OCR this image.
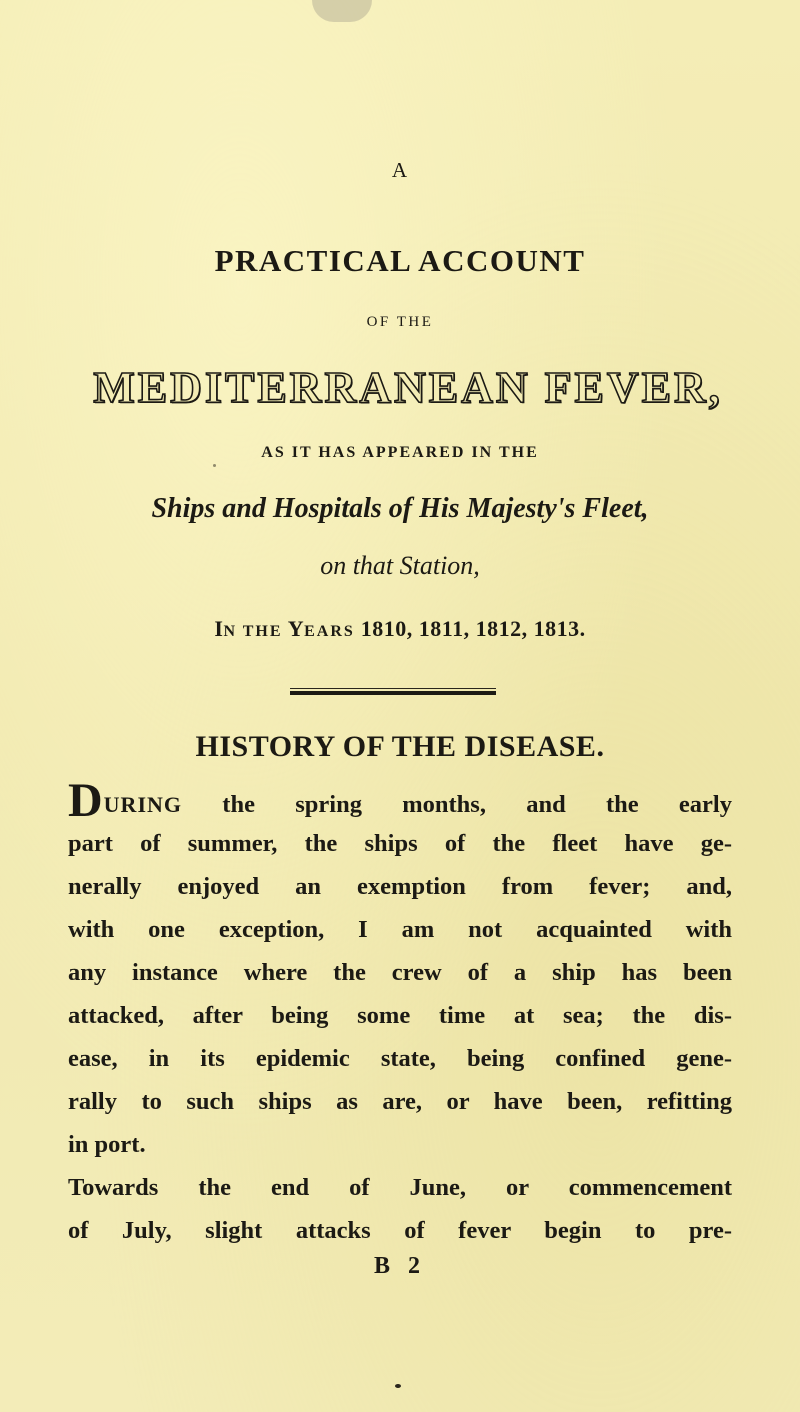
A
PRACTICAL ACCOUNT
OF THE
MEDITERRANEAN FEVER,
AS IT HAS APPEARED IN THE
Ships and Hospitals of His Majesty's Fleet,
on that Station,
IN THE YEARS 1810, 1811, 1812, 1813.
HISTORY OF THE DISEASE.
DURING the spring months, and the early
part of summer, the ships of the fleet have ge-
nerally enjoyed an exemption from fever; and,
with one exception, I am not acquainted with
any instance where the crew of a ship has been
attacked, after being some time at sea; the dis-
ease, in its epidemic state, being confined gene-
rally to such ships as are, or have been, refitting
in port.
Towards the end of June, or commencement
of July, slight attacks of fever begin to pre-
B 2
